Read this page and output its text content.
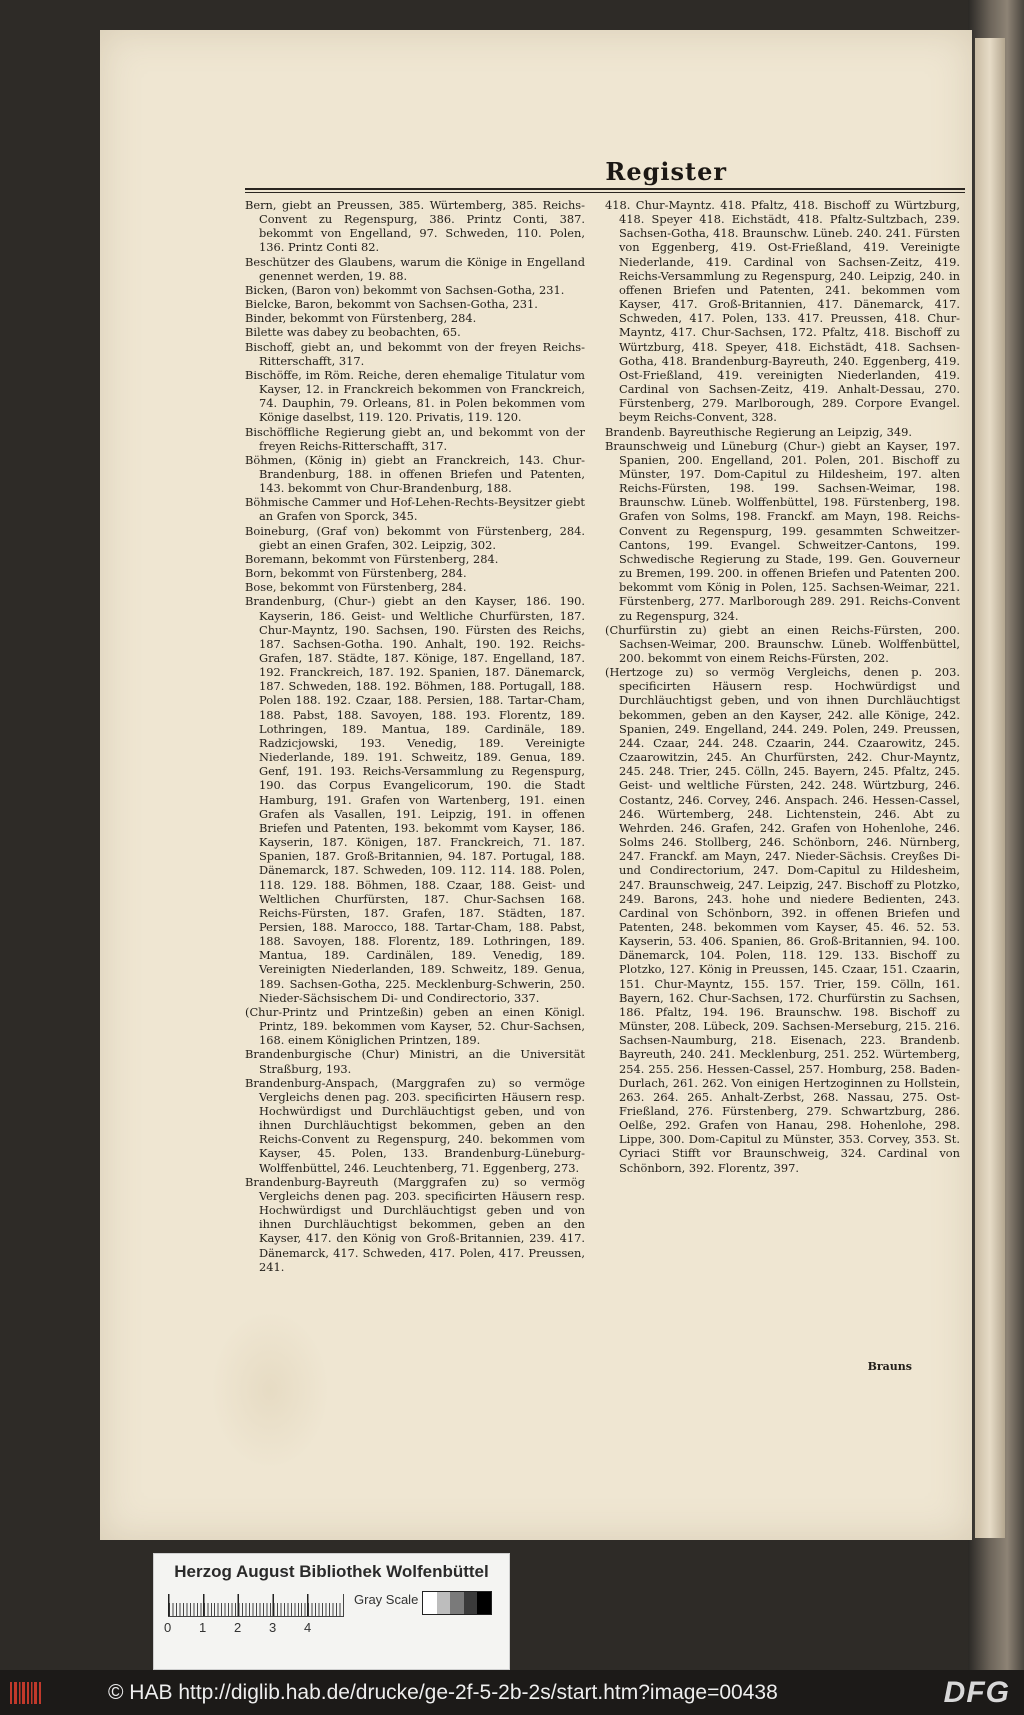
Register

Bern, giebt an Preussen, 385. Würtemberg, 385. Reichs-Convent zu Regenspurg, 386. Printz Conti, 387. bekommt von Engelland, 97. Schweden, 110. Polen, 136. Printz Conti 82.

Beschützer des Glaubens, warum die Könige in Engelland genennet werden, 19. 88.

Bicken, (Baron von) bekommt von Sachsen-Gotha, 231.

Bielcke, Baron, bekommt von Sachsen-Gotha, 231.

Binder, bekommt von Fürstenberg, 284.

Bilette was dabey zu beobachten, 65.

Bischoff, giebt an, und bekommt von der freyen Reichs-Ritterschafft, 317.

Bischöffe, im Röm. Reiche, deren ehemalige Titulatur vom Kayser, 12. in Franckreich bekommen von Franckreich, 74. Dauphin, 79. Orleans, 81. in Polen bekommen vom Könige daselbst, 119. 120. Privatis, 119. 120.

Bischöffliche Regierung giebt an, und bekommt von der freyen Reichs-Ritterschafft, 317.

Böhmen, (König in) giebt an Franckreich, 143. Chur-Brandenburg, 188. in offenen Briefen und Patenten, 143. bekommt von Chur-Brandenburg, 188.

Böhmische Cammer und Hof-Lehen-Rechts-Beysitzer giebt an Grafen von Sporck, 345.

Boineburg, (Graf von) bekommt von Fürstenberg, 284. giebt an einen Grafen, 302. Leipzig, 302.

Boremann, bekommt von Fürstenberg, 284.

Born, bekommt von Fürstenberg, 284.

Bose, bekommt von Fürstenberg, 284.

Brandenburg, (Chur-) giebt an den Kayser, 186. 190. Kayserin, 186. Geist- und Weltliche Churfürsten, 187. Chur-Mayntz, 190. Sachsen, 190. Fürsten des Reichs, 187. Sachsen-Gotha. 190. Anhalt, 190. 192. Reichs-Grafen, 187. Städte, 187. Könige, 187. Engelland, 187. 192. Franckreich, 187. 192. Spanien, 187. Dänemarck, 187. Schweden, 188. 192. Böhmen, 188. Portugall, 188. Polen 188. 192. Czaar, 188. Persien, 188. Tartar-Cham, 188. Pabst, 188. Savoyen, 188. 193. Florentz, 189. Lothringen, 189. Mantua, 189. Cardinäle, 189. Radzicjowski, 193. Venedig, 189. Vereinigte Niederlande, 189. 191. Schweitz, 189. Genua, 189. Genf, 191. 193. Reichs-Versammlung zu Regenspurg, 190. das Corpus Evangelicorum, 190. die Stadt Hamburg, 191. Grafen von Wartenberg, 191. einen Grafen als Vasallen, 191. Leipzig, 191. in offenen Briefen und Patenten, 193. bekommt vom Kayser, 186. Kayserin, 187. Königen, 187. Franckreich, 71. 187. Spanien, 187. Groß-Britannien, 94. 187. Portugal, 188. Dänemarck, 187. Schweden, 109. 112. 114. 188. Polen, 118. 129. 188. Böhmen, 188. Czaar, 188. Geist- und Weltlichen Churfürsten, 187. Chur-Sachsen 168. Reichs-Fürsten, 187. Grafen, 187. Städten, 187. Persien, 188. Marocco, 188. Tartar-Cham, 188. Pabst, 188. Savoyen, 188. Florentz, 189. Lothringen, 189. Mantua, 189. Cardinälen, 189. Venedig, 189. Vereinigten Niederlanden, 189. Schweitz, 189. Genua, 189. Sachsen-Gotha, 225. Mecklenburg-Schwerin, 250. Nieder-Sächsischem Di- und Condirectorio, 337.

(Chur-Printz und Printzeßin) geben an einen Königl. Printz, 189. bekommen vom Kayser, 52. Chur-Sachsen, 168. einem Königlichen Printzen, 189.

Brandenburgische (Chur) Ministri, an die Universität Straßburg, 193.

Brandenburg-Anspach, (Marggrafen zu) so vermöge Vergleichs denen pag. 203. specificirten Häusern resp. Hochwürdigst und Durchläuchtigst geben, und von ihnen Durchläuchtigst bekommen, geben an den Reichs-Convent zu Regenspurg, 240. bekommen vom Kayser, 45. Polen, 133. Brandenburg-Lüneburg-Wolffenbüttel, 246. Leuchtenberg, 71. Eggenberg, 273.

Brandenburg-Bayreuth (Marggrafen zu) so vermög Vergleichs denen pag. 203. specificirten Häusern resp. Hochwürdigst und Durchläuchtigst geben und von ihnen Durchläuchtigst bekommen, geben an den Kayser, 417. den König von Groß-Britannien, 239. 417. Dänemarck, 417. Schweden, 417. Polen, 417. Preussen, 241.

418. Chur-Mayntz. 418. Pfaltz, 418. Bischoff zu Würtzburg, 418. Speyer 418. Eichstädt, 418. Pfaltz-Sultzbach, 239. Sachsen-Gotha, 418. Braunschw. Lüneb. 240. 241. Fürsten von Eggenberg, 419. Ost-Frießland, 419. Vereinigte Niederlande, 419. Cardinal von Sachsen-Zeitz, 419. Reichs-Versammlung zu Regenspurg, 240. Leipzig, 240. in offenen Briefen und Patenten, 241. bekommen vom Kayser, 417. Groß-Britannien, 417. Dänemarck, 417. Schweden, 417. Polen, 133. 417. Preussen, 418. Chur-Mayntz, 417. Chur-Sachsen, 172. Pfaltz, 418. Bischoff zu Würtzburg, 418. Speyer, 418. Eichstädt, 418. Sachsen-Gotha, 418. Brandenburg-Bayreuth, 240. Eggenberg, 419. Ost-Frießland, 419. vereinigten Niederlanden, 419. Cardinal von Sachsen-Zeitz, 419. Anhalt-Dessau, 270. Fürstenberg, 279. Marlborough, 289. Corpore Evangel. beym Reichs-Convent, 328.

Brandenb. Bayreuthische Regierung an Leipzig, 349.

Braunschweig und Lüneburg (Chur-) giebt an Kayser, 197. Spanien, 200. Engelland, 201. Polen, 201. Bischoff zu Münster, 197. Dom-Capitul zu Hildesheim, 197. alten Reichs-Fürsten, 198. 199. Sachsen-Weimar, 198. Braunschw. Lüneb. Wolffenbüttel, 198. Fürstenberg, 198. Grafen von Solms, 198. Franckf. am Mayn, 198. Reichs-Convent zu Regenspurg, 199. gesammten Schweitzer-Cantons, 199. Evangel. Schweitzer-Cantons, 199. Schwedische Regierung zu Stade, 199. Gen. Gouverneur zu Bremen, 199. 200. in offenen Briefen und Patenten 200. bekommt vom König in Polen, 125. Sachsen-Weimar, 221. Fürstenberg, 277. Marlborough 289. 291. Reichs-Convent zu Regenspurg, 324.

(Churfürstin zu) giebt an einen Reichs-Fürsten, 200. Sachsen-Weimar, 200. Braunschw. Lüneb. Wolffenbüttel, 200. bekommt von einem Reichs-Fürsten, 202.

(Hertzoge zu) so vermög Vergleichs, denen p. 203. specificirten Häusern resp. Hochwürdigst und Durchläuchtigst geben, und von ihnen Durchläuchtigst bekommen, geben an den Kayser, 242. alle Könige, 242. Spanien, 249. Engelland, 244. 249. Polen, 249. Preussen, 244. Czaar, 244. 248. Czaarin, 244. Czaarowitz, 245. Czaarowitzin, 245. An Churfürsten, 242. Chur-Mayntz, 245. 248. Trier, 245. Cölln, 245. Bayern, 245. Pfaltz, 245. Geist- und weltliche Fürsten, 242. 248. Würtzburg, 246. Costantz, 246. Corvey, 246. Anspach. 246. Hessen-Cassel, 246. Würtemberg, 248. Lichtenstein, 246. Abt zu Wehrden. 246. Grafen, 242. Grafen von Hohenlohe, 246. Solms 246. Stollberg, 246. Schönborn, 246. Nürnberg, 247. Franckf. am Mayn, 247. Nieder-Sächsis. Creyßes Di- und Condirectorium, 247. Dom-Capitul zu Hildesheim, 247. Braunschweig, 247. Leipzig, 247. Bischoff zu Plotzko, 249. Barons, 243. hohe und niedere Bedienten, 243. Cardinal von Schönborn, 392. in offenen Briefen und Patenten, 248. bekommen vom Kayser, 45. 46. 52. 53. Kayserin, 53. 406. Spanien, 86. Groß-Britannien, 94. 100. Dänemarck, 104. Polen, 118. 129. 133. Bischoff zu Plotzko, 127. König in Preussen, 145. Czaar, 151. Czaarin, 151. Chur-Mayntz, 155. 157. Trier, 159. Cölln, 161. Bayern, 162. Chur-Sachsen, 172. Churfürstin zu Sachsen, 186. Pfaltz, 194. 196. Braunschw. 198. Bischoff zu Münster, 208. Lübeck, 209. Sachsen-Merseburg, 215. 216. Sachsen-Naumburg, 218. Eisenach, 223. Brandenb. Bayreuth, 240. 241. Mecklenburg, 251. 252. Würtemberg, 254. 255. 256. Hessen-Cassel, 257. Homburg, 258. Baden-Durlach, 261. 262. Von einigen Hertzoginnen zu Hollstein, 263. 264. 265. Anhalt-Zerbst, 268. Nassau, 275. Ost-Frießland, 276. Fürstenberg, 279. Schwartzburg, 286. Oelße, 292. Grafen von Hanau, 298. Hohenlohe, 298. Lippe, 300. Dom-Capitul zu Münster, 353. Corvey, 353. St. Cyriaci Stifft vor Braunschweig, 324. Cardinal von Schönborn, 392. Florentz, 397.

Brauns
Herzog August Bibliothek Wolfenbüttel
0 1 2 3 4
Gray Scale
© HAB http://diglib.hab.de/drucke/ge-2f-5-2b-2s/start.htm?image=00438	DFG
